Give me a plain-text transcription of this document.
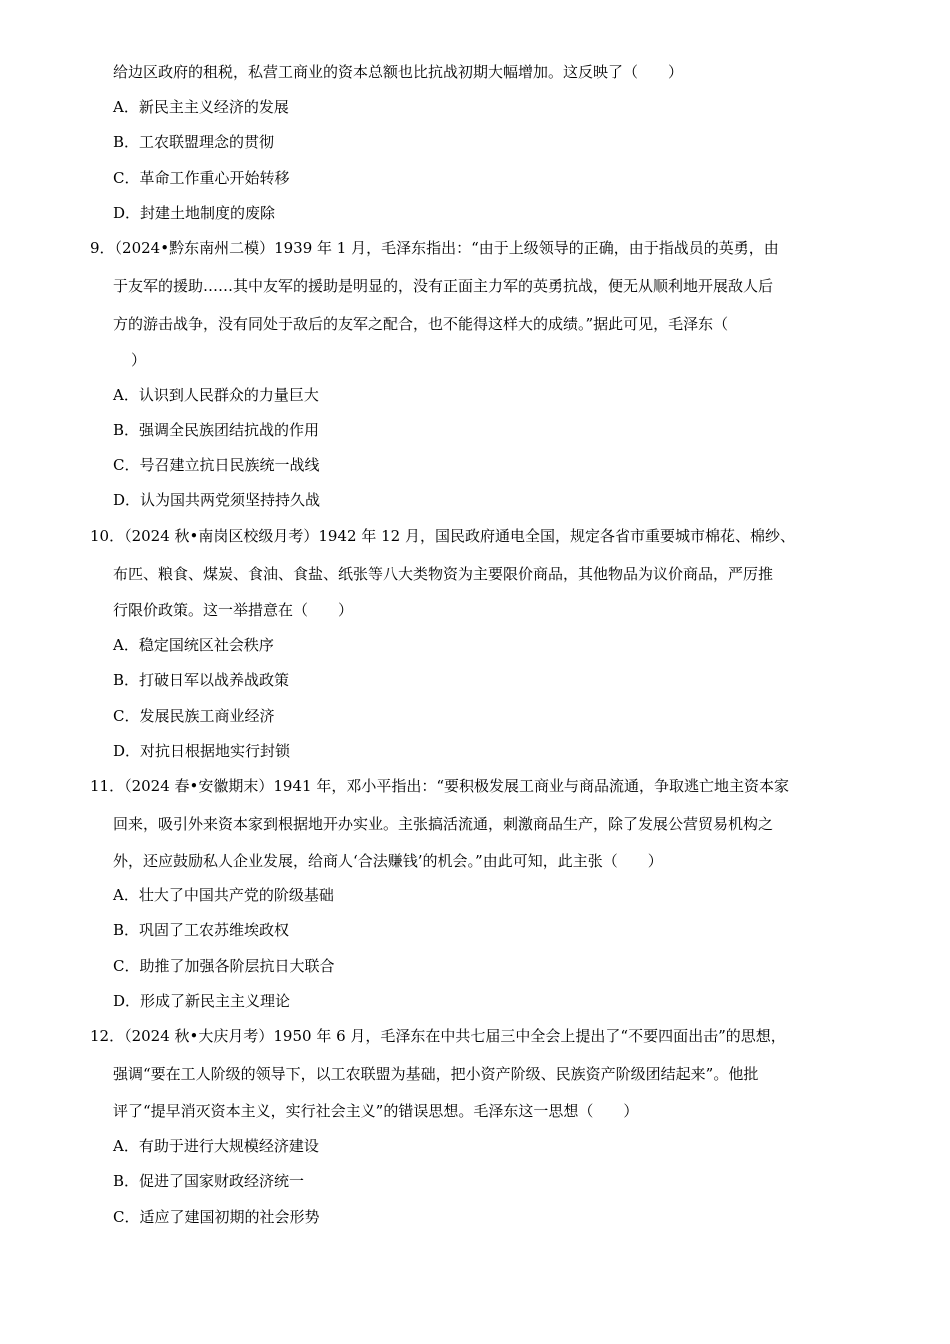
给边区政府的租税，私营工商业的资本总额也比抗战初期大幅增加。这反映了（　　）
A．新民主主义经济的发展
B．工农联盟理念的贯彻
C．革命工作重心开始转移
D．封建土地制度的废除
9．（2024•黔东南州二模）1939 年 1 月，毛泽东指出：“由于上级领导的正确，由于指战员的英勇，由
于友军的援助……其中友军的援助是明显的，没有正面主力军的英勇抗战，便无从顺利地开展敌人后
方的游击战争，没有同处于敌后的友军之配合，也不能得这样大的成绩。”据此可见，毛泽东（
）
A．认识到人民群众的力量巨大
B．强调全民族团结抗战的作用
C．号召建立抗日民族统一战线
D．认为国共两党须坚持持久战
10．（2024 秋•南岗区校级月考）1942 年 12 月，国民政府通电全国，规定各省市重要城市棉花、棉纱、
布匹、粮食、煤炭、食油、食盐、纸张等八大类物资为主要限价商品，其他物品为议价商品，严厉推
行限价政策。这一举措意在（　　）
A．稳定国统区社会秩序
B．打破日军以战养战政策
C．发展民族工商业经济
D．对抗日根据地实行封锁
11．（2024 春•安徽期末）1941 年，邓小平指出：“要积极发展工商业与商品流通，争取逃亡地主资本家
回来，吸引外来资本家到根据地开办实业。主张搞活流通，刺激商品生产，除了发展公营贸易机构之
外，还应鼓励私人企业发展，给商人‘合法赚钱’的机会。”由此可知，此主张（　　）
A．壮大了中国共产党的阶级基础
B．巩固了工农苏维埃政权
C．助推了加强各阶层抗日大联合
D．形成了新民主主义理论
12．（2024 秋•大庆月考）1950 年 6 月，毛泽东在中共七届三中全会上提出了“不要四面出击”的思想，
强调“要在工人阶级的领导下，以工农联盟为基础，把小资产阶级、民族资产阶级团结起来”。他批
评了“提早消灭资本主义，实行社会主义”的错误思想。毛泽东这一思想（　　）
A．有助于进行大规模经济建设
B．促进了国家财政经济统一
C．适应了建国初期的社会形势
